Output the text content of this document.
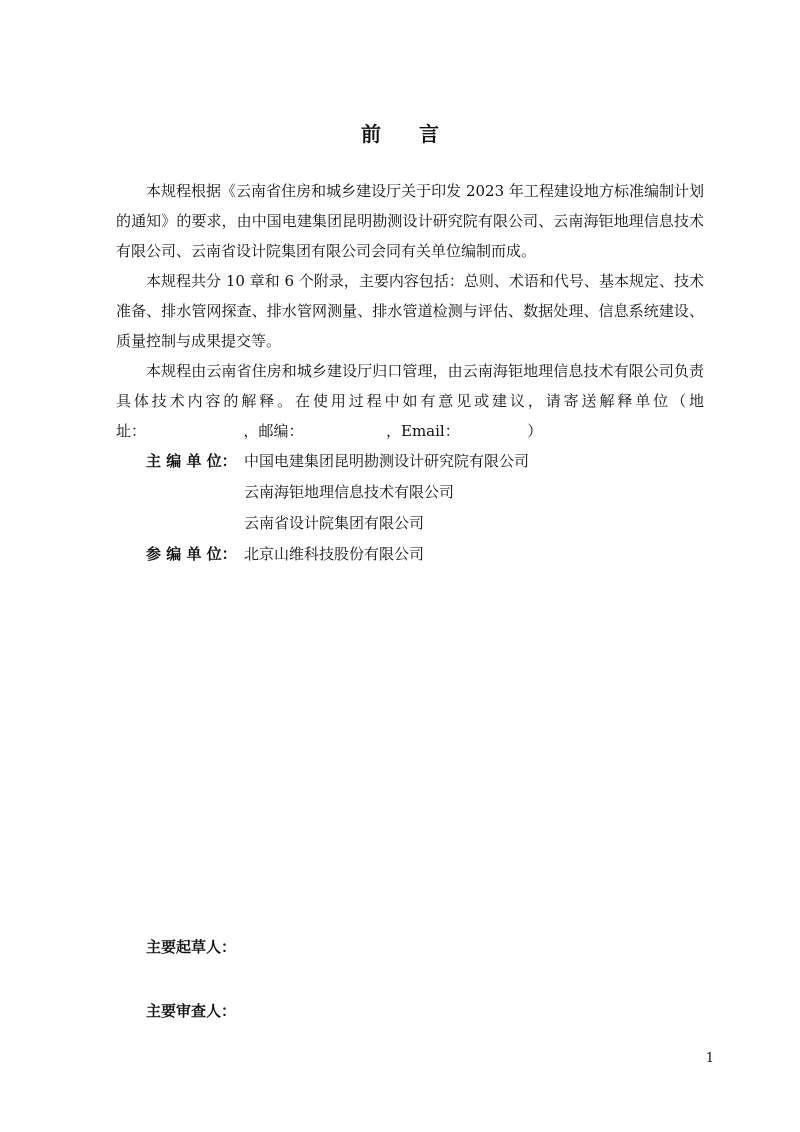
前言

本规程根据《云南省住房和城乡建设厅关于印发 2023 年工程建设地方标准编制计划的通知》的要求，由中国电建集团昆明勘测设计研究院有限公司、云南海钜地理信息技术有限公司、云南省设计院集团有限公司会同有关单位编制而成。

本规程共分 10 章和 6 个附录，主要内容包括：总则、术语和代号、基本规定、技术准备、排水管网探查、排水管网测量、排水管道检测与评估、数据处理、信息系统建设、质量控制与成果提交等。

本规程由云南省住房和城乡建设厅归口管理，由云南海钜地理信息技术有限公司负责具体技术内容的解释。在使用过程中如有意见或建议，请寄送解释单位（地址：　　　　　　　，邮编：　　　　　　，Email：　　　　　）

主 编 单 位： 中国电建集团昆明勘测设计研究院有限公司
云南海钜地理信息技术有限公司
云南省设计院集团有限公司
参 编 单 位： 北京山维科技股份有限公司
主要起草人：
主要审查人：
1
